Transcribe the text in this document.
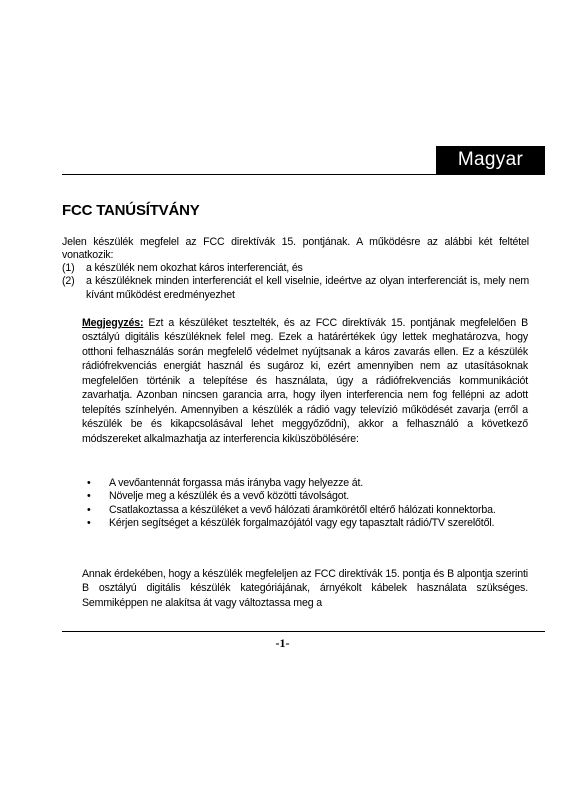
Magyar
FCC TANÚSÍTVÁNY

Jelen készülék megfelel az FCC direktívák 15. pontjának. A működésre az alábbi két feltétel vonatkozik:

(1)	a készülék nem okozhat káros interferenciát, és
(2)	a készüléknek minden interferenciát el kell viselnie, ideértve az olyan interferenciát is, mely nem kívánt működést eredményezhet

Megjegyzés: Ezt a készüléket tesztelték, és az FCC direktívák 15. pontjának megfelelően B osztályú digitális készüléknek felel meg. Ezek a határértékek úgy lettek meghatározva, hogy otthoni felhasználás során megfelelő védelmet nyújtsanak a káros zavarás ellen. Ez a készülék rádiófrekvenciás energiát használ és sugároz ki, ezért amennyiben nem az utasításoknak megfelelően történik a telepítése és használata, úgy a rádiófrekvenciás kommunikációt zavarhatja. Azonban nincsen garancia arra, hogy ilyen interferencia nem fog fellépni az adott telepítés színhelyén. Amennyiben a készülék a rádió vagy televízió működését zavarja (erről a készülék be és kikapcsolásával lehet meggyőződni), akkor a felhasználó a következő módszereket alkalmazhatja az interferencia kiküszöbölésére:

•	A vevőantennát forgassa más irányba vagy helyezze át.
•	Növelje meg a készülék és a vevő közötti távolságot.
•	Csatlakoztassa a készüléket a vevő hálózati áramkörétől eltérő hálózati konnektorba.
•	Kérjen segítséget a készülék forgalmazójától vagy egy tapasztalt rádió/TV szerelőtől.

Annak érdekében, hogy a készülék megfeleljen az FCC direktívák 15. pontja és B alpontja szerinti B osztályú digitális készülék kategóriájának, árnyékolt kábelek használata szükséges. Semmiképpen ne alakítsa át vagy változtassa meg a

-1-
